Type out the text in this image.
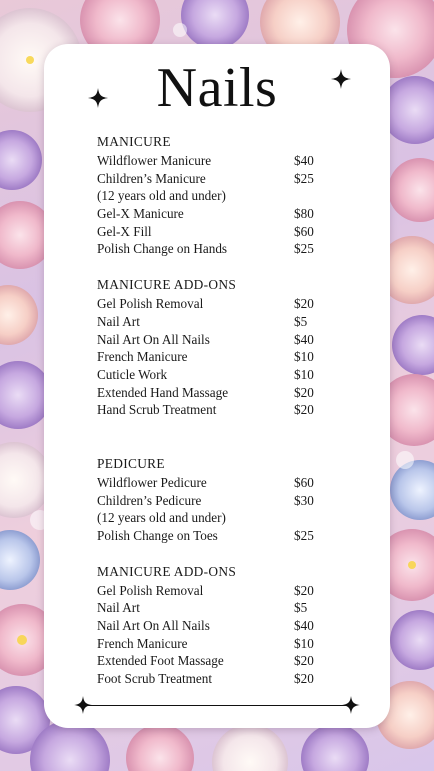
Nails
MANICURE
Wildflower Manicure	$40
Children’s Manicure	$25
(12 years old and under)
Gel-X Manicure	$80
Gel-X Fill	$60
Polish Change on Hands	$25
MANICURE ADD-ONS
Gel Polish Removal	$20
Nail Art	$5
Nail Art On All Nails	$40
French Manicure	$10
Cuticle Work	$10
Extended Hand Massage	$20
Hand Scrub Treatment	$20
PEDICURE
Wildflower Pedicure	$60
Children’s Pedicure	$30
(12 years old and under)
Polish Change on Toes	$25
MANICURE ADD-ONS
Gel Polish Removal	$20
Nail Art	$5
Nail Art On All Nails	$40
French Manicure	$10
Extended Foot Massage	$20
Foot Scrub Treatment	$20
